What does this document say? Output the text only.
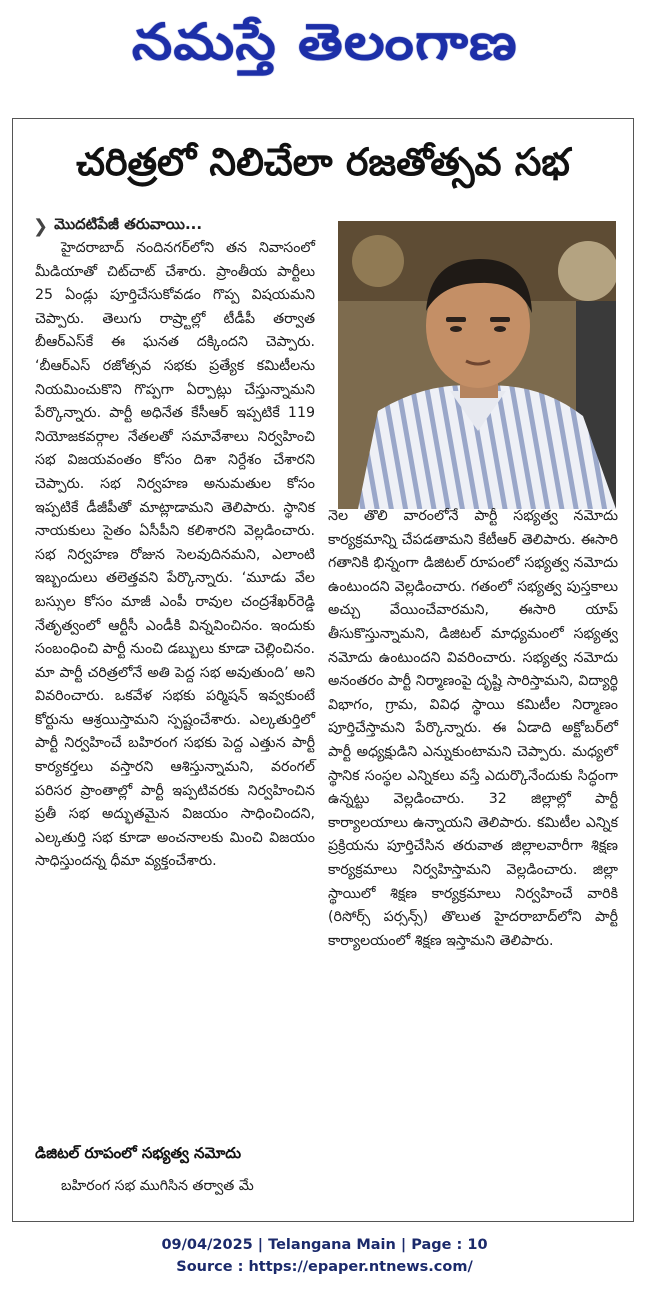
నమస్తే తెలంగాణ
చరిత్రలో నిలిచేలా రజతోత్సవ సభ
❯ మొదటిపేజీ తరువాయి...

హైదరాబాద్ నందినగర్‌లోని తన నివాసంలో మీడియాతో చిట్‌చాట్ చేశారు. ప్రాంతీయ పార్టీలు 25 ఏండ్లు పూర్తిచేసుకోవడం గొప్ప విషయమని చెప్పారు. తెలుగు రాష్ర్టాల్లో టీడీపీ తర్వాత బీఆర్‌ఎస్‌కే ఈ ఘనత దక్కిందని చెప్పారు. ‘బీఆర్‌ఎస్ రజోత్సవ సభకు ప్రత్యేక కమిటీలను నియమించుకొని గొప్పగా ఏర్పాట్లు చేస్తున్నామని పేర్కొన్నారు. పార్టీ అధినేత కేసీఆర్ ఇప్పటికే 119 నియోజకవర్గాల నేతలతో సమావేశాలు నిర్వహించి సభ విజయవంతం కోసం దిశా నిర్దేశం చేశారని చెప్పారు. సభ నిర్వహణ అనుమతుల కోసం ఇప్పటికే డీజీపీతో మాట్లాడామని తెలిపారు. స్థానిక నాయకులు సైతం ఏసీపీని కలిశారని వెల్లడించారు. సభ నిర్వహణ రోజున సెలవుదినమని, ఎలాంటి ఇబ్బందులు తలెత్తవని పేర్కొన్నారు. ‘మూడు వేల బస్సుల కోసం మాజీ ఎంపీ రావుల చంద్రశేఖర్‌రెడ్డి నేతృత్వంలో ఆర్టీసీ ఎండీకి విన్నవించినం. ఇందుకు సంబంధించి పార్టీ నుంచి డబ్బులు కూడా చెల్లించినం. మా పార్టీ చరిత్రలోనే అతి పెద్ద సభ అవుతుంది’ అని వివరించారు. ఒకవేళ సభకు పర్మిషన్ ఇవ్వకుంటే కోర్టును ఆశ్రయిస్తామని స్పష్టంచేశారు. ఎల్కతుర్తిలో పార్టీ నిర్వహించే బహిరంగ సభకు పెద్ద ఎత్తున పార్టీ కార్యకర్తలు వస్తారని ఆశిస్తున్నామని, వరంగల్ పరిసర ప్రాంతాల్లో పార్టీ ఇప్పటివరకు నిర్వహించిన ప్రతీ సభ అద్భుతమైన విజయం సాధించిందని, ఎల్కతుర్తి సభ కూడా అంచనాలకు మించి విజయం సాధిస్తుందన్న ధీమా వ్యక్తంచేశారు.

డిజిటల్ రూపంలో సభ్యత్వ నమోదు

బహిరంగ సభ ముగిసిన తర్వాత మే

నెల తొలి వారంలోనే పార్టీ సభ్యత్వ నమోదు కార్యక్రమాన్ని చేపడతామని కేటీఆర్ తెలిపారు. ఈసారి గతానికి భిన్నంగా డిజిటల్ రూపంలో సభ్యత్వ నమోదు ఉంటుందని వెల్లడించారు. గతంలో సభ్యత్వ పుస్తకాలు అచ్చు వేయించేవారమని, ఈసారి యాప్ తీసుకొస్తున్నామని, డిజిటల్ మాధ్యమంలో సభ్యత్వ నమోదు ఉంటుందని వివరించారు. సభ్యత్వ నమోదు అనంతరం పార్టీ నిర్మాణంపై దృష్టి సారిస్తామని, విద్యార్థి విభాగం, గ్రామ, వివిధ స్థాయి కమిటీల నిర్మాణం పూర్తిచేస్తామని పేర్కొన్నారు. ఈ ఏడాది అక్టోబర్‌లో పార్టీ అధ్యక్షుడిని ఎన్నుకుంటామని చెప్పారు. మధ్యలో స్థానిక సంస్థల ఎన్నికలు వస్తే ఎదుర్కొనేందుకు సిద్ధంగా ఉన్నట్టు వెల్లడించారు. 32 జిల్లాల్లో పార్టీ కార్యాలయాలు ఉన్నాయని తెలిపారు. కమిటీల ఎన్నిక ప్రక్రియను పూర్తిచేసిన తరువాత జిల్లాలవారీగా శిక్షణ కార్యక్రమాలు నిర్వహిస్తామని వెల్లడించారు. జిల్లా స్థాయిలో శిక్షణ కార్యక్రమాలు నిర్వహించే వారికి (రిసోర్స్ పర్సన్స్) తొలుత హైదరాబాద్‌లోని పార్టీ కార్యాలయంలో శిక్షణ ఇస్తామని తెలిపారు.

09/04/2025 | Telangana Main | Page : 10
Source : https://epaper.ntnews.com/
